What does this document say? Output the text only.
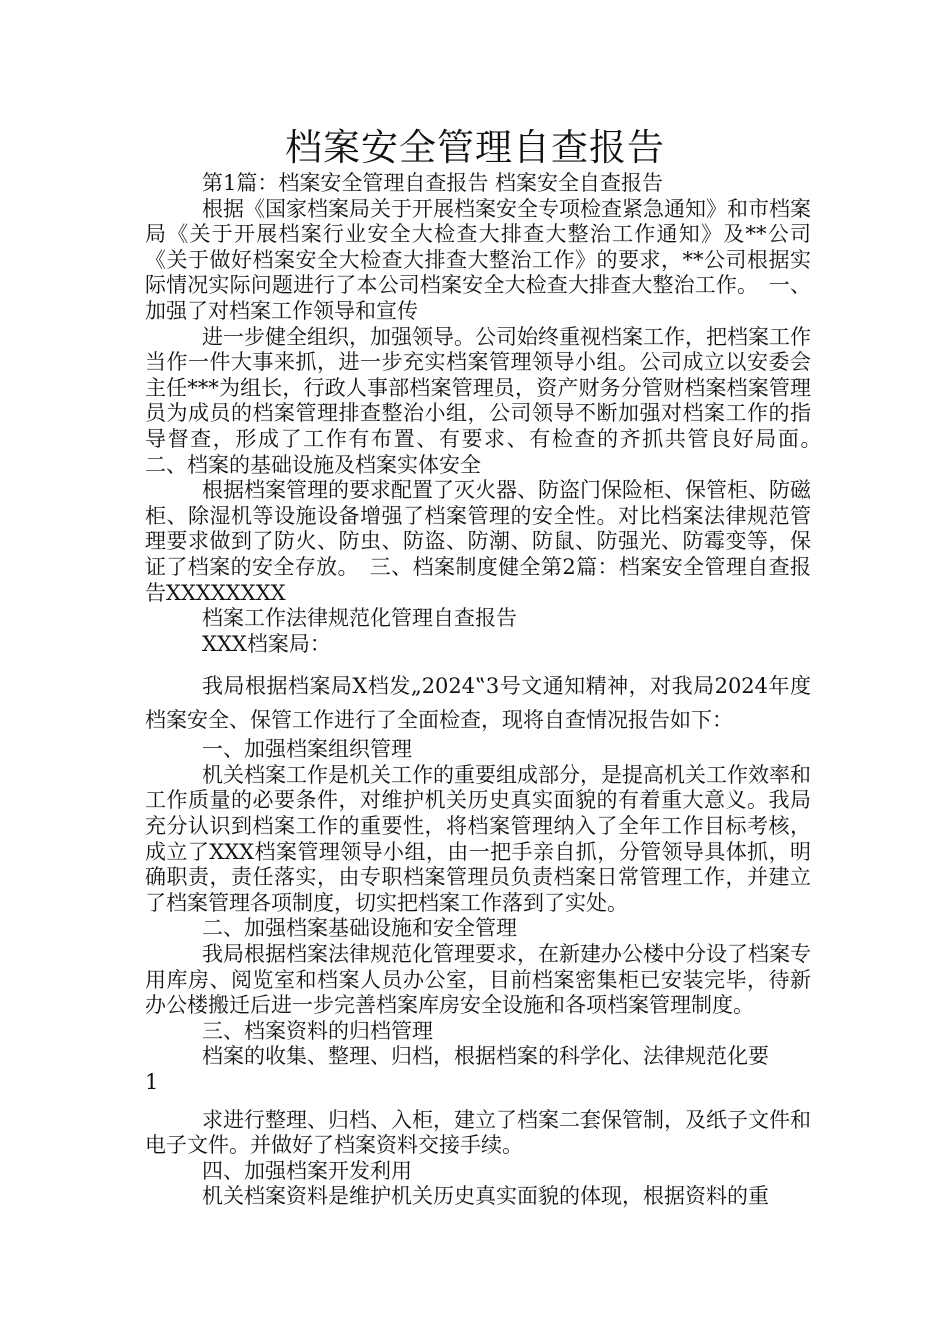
档案安全管理自查报告

第1篇：档案安全管理自查报告 档案安全自查报告

根据《国家档案局关于开展档案安全专项检查紧急通知》和市档案局《关于开展档案行业安全大检查大排查大整治工作通知》及**公司《关于做好档案安全大检查大排查大整治工作》的要求，**公司根据实际情况实际问题进行了本公司档案安全大检查大排查大整治工作。　一、加强了对档案工作领导和宣传

进一步健全组织，加强领导。公司始终重视档案工作，把档案工作当作一件大事来抓，进一步充实档案管理领导小组。公司成立以安委会主任***为组长，行政人事部档案管理员，资产财务分管财档案档案管理员为成员的档案管理排查整治小组，公司领导不断加强对档案工作的指导督查，形成了工作有布置、有要求、有检查的齐抓共管良好局面。　二、档案的基础设施及档案实体安全

根据档案管理的要求配置了灭火器、防盗门保险柜、保管柜、防磁柜、除湿机等设施设备增强了档案管理的安全性。对比档案法律规范管理要求做到了防火、防虫、防盗、防潮、防鼠、防强光、防霉变等，保证了档案的安全存放。　三、档案制度健全第2篇：档案安全管理自查报告XXXXXXXX

档案工作法律规范化管理自查报告

XXX档案局：

我局根据档案局X档发„2024‟3号文通知精神，对我局2024年度档案安全、保管工作进行了全面检查，现将自查情况报告如下：

一、加强档案组织管理

机关档案工作是机关工作的重要组成部分，是提高机关工作效率和工作质量的必要条件，对维护机关历史真实面貌的有着重大意义。我局充分认识到档案工作的重要性，将档案管理纳入了全年工作目标考核，成立了XXX档案管理领导小组，由一把手亲自抓，分管领导具体抓，明确职责，责任落实，由专职档案管理员负责档案日常管理工作，并建立了档案管理各项制度，切实把档案工作落到了实处。

二、加强档案基础设施和安全管理

我局根据档案法律规范化管理要求，在新建办公楼中分设了档案专用库房、阅览室和档案人员办公室，目前档案密集柜已安装完毕，待新办公楼搬迁后进一步完善档案库房安全设施和各项档案管理制度。

三、档案资料的归档管理

档案的收集、整理、归档，根据档案的科学化、法律规范化要

1

求进行整理、归档、入柜，建立了档案二套保管制，及纸子文件和电子文件。并做好了档案资料交接手续。

四、加强档案开发利用

机关档案资料是维护机关历史真实面貌的体现，根据资料的重
